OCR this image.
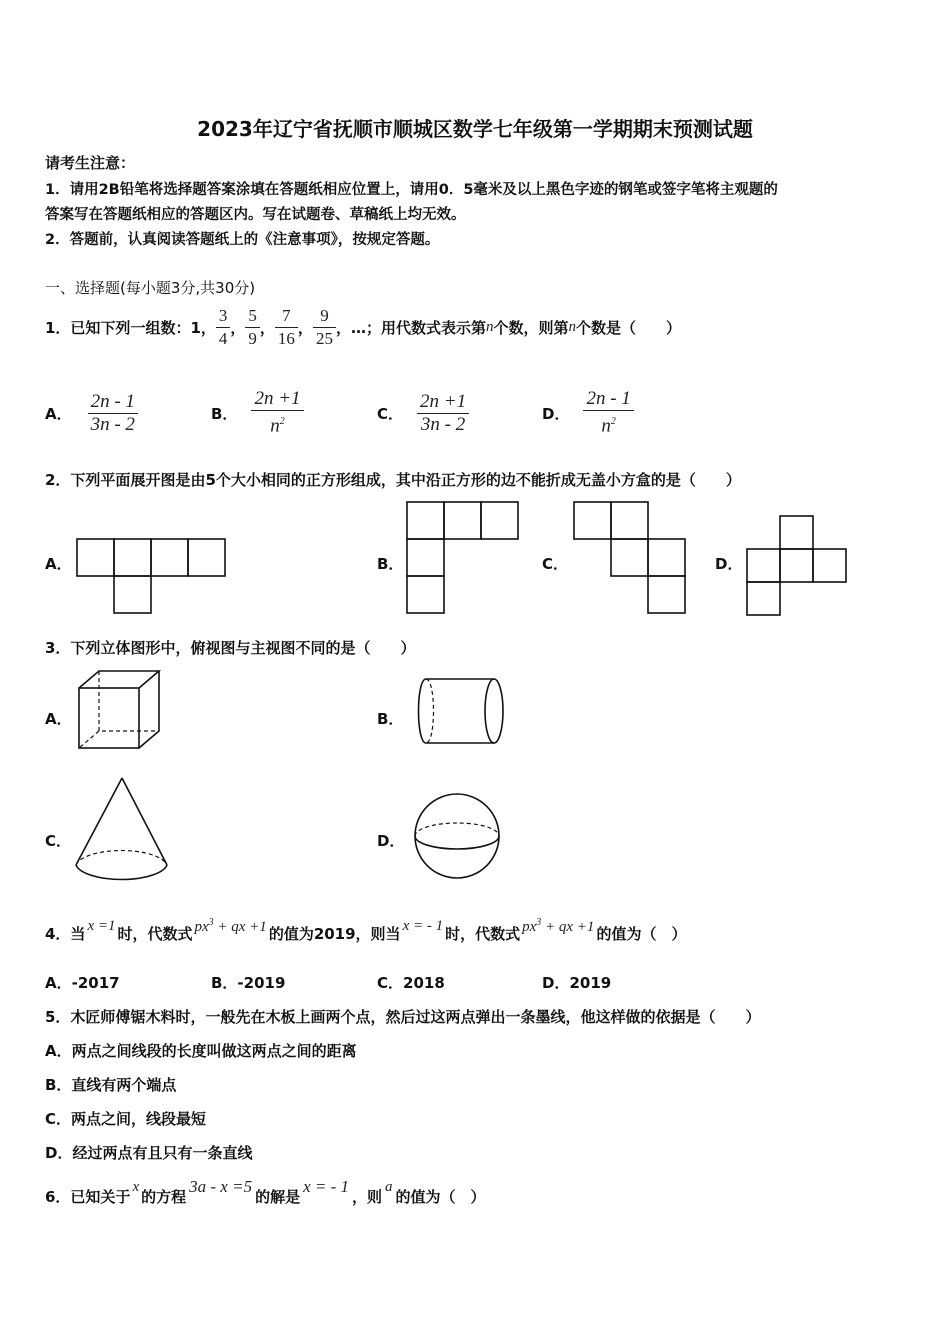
2023年辽宁省抚顺市顺城区数学七年级第一学期期末预测试题
请考生注意：
1．请用2B铅笔将选择题答案涂填在答题纸相应位置上，请用0．5毫米及以上黑色字迹的钢笔或签字笔将主观题的
答案写在答题纸相应的答题区内。写在试题卷、草稿纸上均无效。
2．答题前，认真阅读答题纸上的《注意事项》，按规定答题。
一、选择题(每小题3分,共30分)
1．已知下列一组数：1， $\frac{3}{4}$ ， $\frac{5}{9}$ ， $\frac{7}{16}$ ， $\frac{9}{25}$ ， …；用代数式表示第 n 个数，则第 n 个数是（　　）
A． $\frac{2n - 1}{3n - 2}$	B． $\frac{2n +1}{n^2}$	C． $\frac{2n +1}{3n - 2}$	D． $\frac{2n - 1}{n^2}$
2．下列平面展开图是由5个大小相同的正方形组成，其中沿正方形的边不能折成无盖小方盒的是（　　）
A．	B．	C．	D．
3．下列立体图形中，俯视图与主视图不同的是（　　）
A．	B．
C．	D．
4．当 x =1 时，代数式 $px^3$ + qx +1 的值为2019，则当 x = - 1 时，代数式 $px^3$ + qx +1 的值为（　）
A．-2017	B．-2019	C．2018	D．2019
5．木匠师傅锯木料时，一般先在木板上画两个点，然后过这两点弹出一条墨线，他这样做的依据是（　　）
A．两点之间线段的长度叫做这两点之间的距离
B．直线有两个端点
C．两点之间，线段最短
D．经过两点有且只有一条直线
6．已知关于
x
的方程
3a - x =5
的解是
x = - 1
，则
a
的值为（　）
